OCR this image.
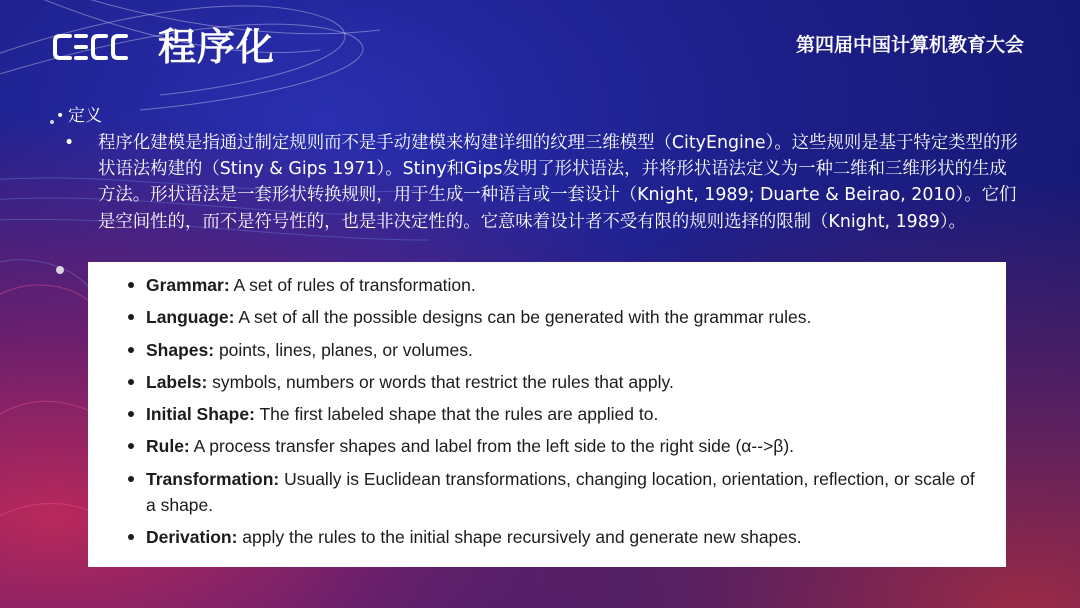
程序化	第四届中国计算机教育大会
• 定义
• 程序化建模是指通过制定规则而不是手动建模来构建详细的纹理三维模型（CityEngine）。这些规则是基于特定类型的形状语法构建的（Stiny & Gips 1971）。Stiny和Gips发明了形状语法，并将形状语法定义为一种二维和三维形状的生成方法。形状语法是一套形状转换规则，用于生成一种语言或一套设计（Knight, 1989; Duarte & Beirao, 2010）。它们是空间性的，而不是符号性的，也是非决定性的。它意味着设计者不受有限的规则选择的限制（Knight, 1989）。
Grammar: A set of rules of transformation.
Language: A set of all the possible designs can be generated with the grammar rules.
Shapes: points, lines, planes, or volumes.
Labels: symbols, numbers or words that restrict the rules that apply.
Initial Shape: The first labeled shape that the rules are applied to.
Rule: A process transfer shapes and label from the left side to the right side (α-->β).
Transformation: Usually is Euclidean transformations, changing location, orientation, reflection, or scale of a shape.
Derivation: apply the rules to the initial shape recursively and generate new shapes.
